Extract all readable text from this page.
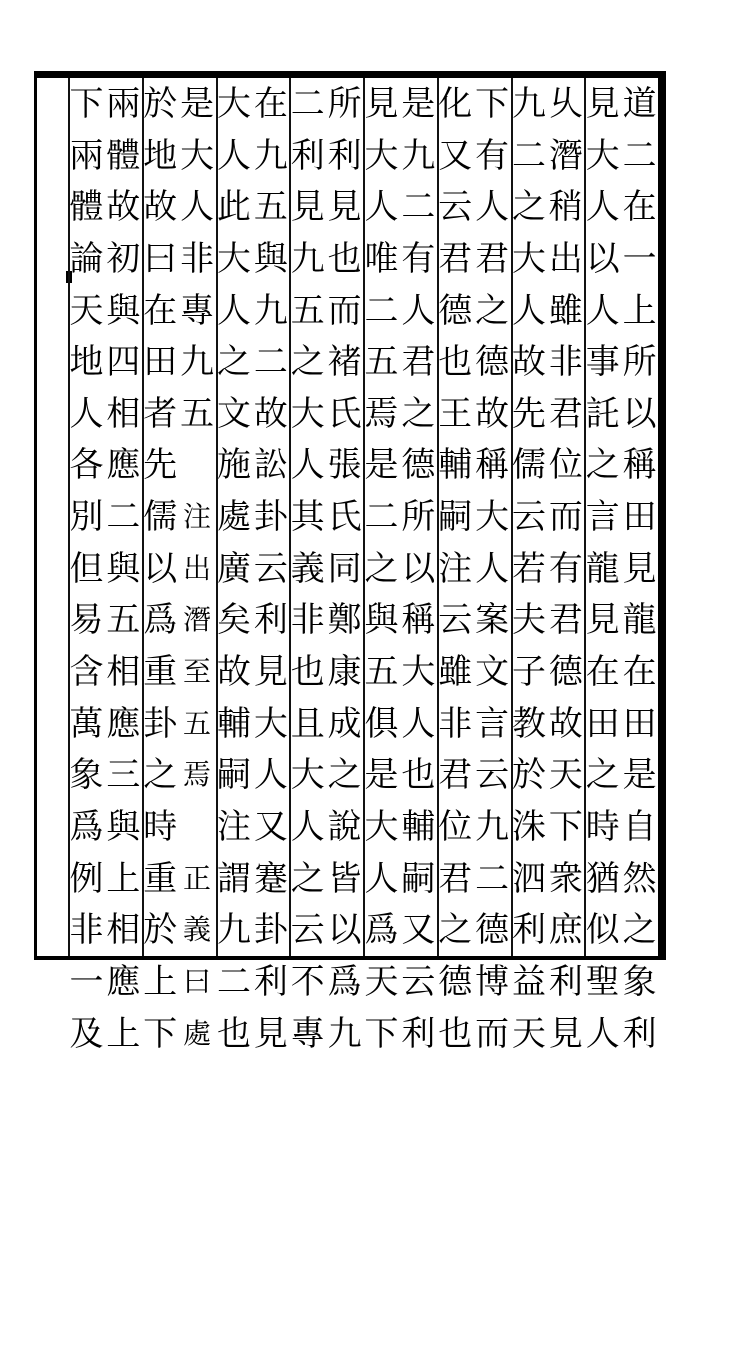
道
二
在
一
上
所
以
稱
田
見
龍
在
田
是
自
然
之
象
利
見
大
人
以
人
事
託
之
言
龍
見
在
田
之
時
猶
似
聖
人
乆
潛
稍
出
雖
非
君
位
而
有
君
德
故
天
下
衆
庶
利
見
九
二
之
大
人
故
先
儒
云
若
夫
子
教
於
洙
泗
利
益
天
下
有
人
君
之
德
故
稱
大
人
案
文
言
云
九
二
德
博
而
化
又
云
君
德
也
王
輔
嗣
注
云
雖
非
君
位
君
之
德
也
是
九
二
有
人
君
之
德
所
以
稱
大
人
也
輔
嗣
又
云
利
見
大
人
唯
二
五
焉
是
二
之
與
五
俱
是
大
人
爲
天
下
所
利
見
也
而
褚
氏
張
氏
同
鄭
康
成
之
說
皆
以
爲
九
二
利
見
九
五
之
大
人
其
義
非
也
且
大
人
之
云
不
專
在
九
五
與
九
二
故
訟
卦
云
利
見
大
人
又
蹇
卦
利
見
大
人
此
大
人
之
文
施
處
廣
矣
故
輔
嗣
注
謂
九
二
也
是
大
人
非
專
九
五
於
地
故
曰
在
田
者
先
儒
以
爲
重
卦
之
時
重
於
上
下
兩
體
故
初
與
四
相
應
二
與
五
相
應
三
與
上
相
應
上
下
兩
體
論
天
地
人
各
別
但
易
含
萬
象
爲
例
非
一
及
注
出
潛
至
五
焉

正
義
曰
處
